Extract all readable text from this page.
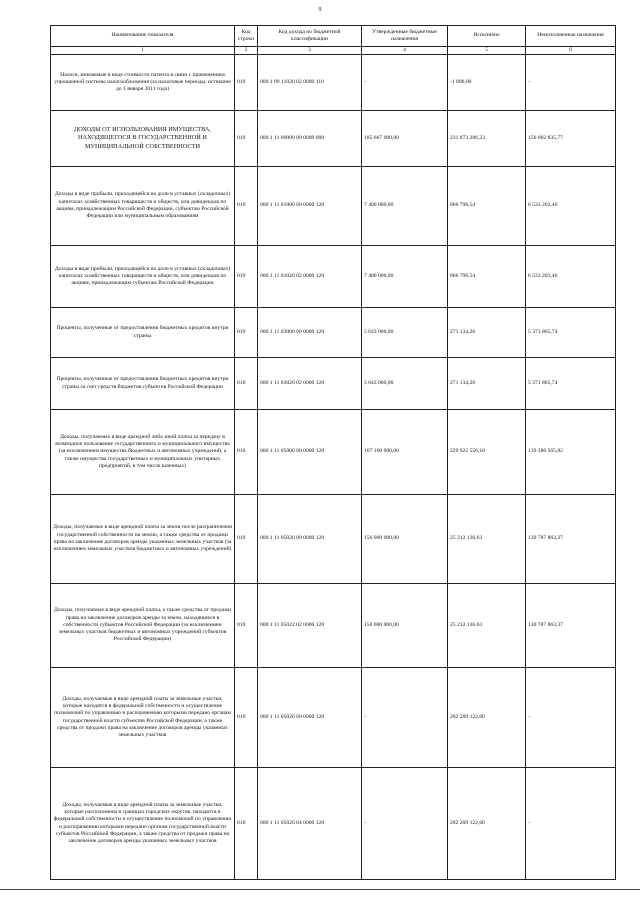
9
Наименование показателя	Код строки	Код дохода по бюджетной классификации	Утвержденные бюджетные назначения	Исполнено	Неисполненные назначения
1	2	3	4	5	6
Налоги, взимаемые в виде стоимости патента в связи с применением упрощенной системы налогообложения (за налоговые периоды, истекшие до 1 января 2011 года)	010	000 1 09 11020 02 0000 110	-	-1 800,00	-
ДОХОДЫ ОТ ИСПОЛЬЗОВАНИЯ ИМУЩЕСТВА, НАХОДЯЩЕГОСЯ В ГОСУДАРСТВЕННОЙ И МУНИЦИПАЛЬНОЙ СОБСТВЕННОСТИ	010	000 1 11 00000 00 0000 000	185 667 000,00	231 873 286,23	156 002 835,77
Доходы в виде прибыли, приходящейся на доли в уставных (складочных) капиталах хозяйственных товариществ и обществ, или дивидендов по акциям, принадлежащим Российской Федерации, субъектам Российской Федерации или муниципальным образованиям	010	000 1 11 01000 00 0000 120	7 400 000,00	866 796,54	6 533 203,46
Доходы в виде прибыли, приходящейся на доли в уставных (складочных) капиталах хозяйственных товариществ и обществ, или дивидендов по акциям, принадлежащим субъектам Российской Федерации	010	000 1 11 01020 02 0000 120	7 400 000,00	866 796,54	6 533 203,46
Проценты, полученные от предоставления бюджетных кредитов внутри страны	010	000 1 11 03000 00 0000 120	5 643 000,00	271 134,26	5 371 865,74
Проценты, полученные от предоставления бюджетных кредитов внутри страны за счет средств бюджетов субъектов Российской Федерации	010	000 1 11 03020 02 0000 120	5 643 000,00	271 134,26	5 371 865,74
Доходы, получаемые в виде арендной либо иной платы за передачу в возмездное пользование государственного и муниципального имущества (за исключением имущества бюджетных и автономных учреждений, а также имущества государственных и муниципальных унитарных предприятий, в том числе казенных)	010	000 1 11 05000 00 0000 120	167 100 000,00	229 922 556,18	139 386 565,82
Доходы, получаемые в виде арендной платы за земли после разграничения государственной собственности на землю, а также средства от продажи права на заключение договоров аренды указанных земельных участков (за исключением земельных участков бюджетных и автономных учреждений)	010	000 1 11 05020 00 0000 120	156 000 000,00	25 212 136,63	130 787 863,37
Доходы, получаемые в виде арендной платы, а также средства от продажи права на заключение договоров аренды за земли, находящиеся в собственности субъектов Российской Федерации (за исключением земельных участков бюджетных и автономных учреждений субъектов Российской Федерации)	010	000 1 11 05022 02 0000 120	156 000 000,00	25 212 136,63	130 787 863,37
Доходы, получаемые в виде арендной платы за земельные участки, которые находятся в федеральной собственности и осуществление полномочий по управлению и распоряжению которыми передано органам государственной власти субъектов Российской Федерации, а также средства от продажи права на заключение договоров аренды указанных земельных участков	010	000 1 11 05026 00 0000 120	-	202 209 122,00	-
Доходы, получаемые в виде арендной платы за земельные участки, которые расположены в границах городских округов, находятся в федеральной собственности и осуществление полномочий по управлению и распоряжению которыми передано органам государственной власти субъектов Российской Федерации, а также средства от продажи права на заключение договоров аренды указанных земельных участков	010	000 1 11 05026 04 0000 120	-	202 209 122,00	-
